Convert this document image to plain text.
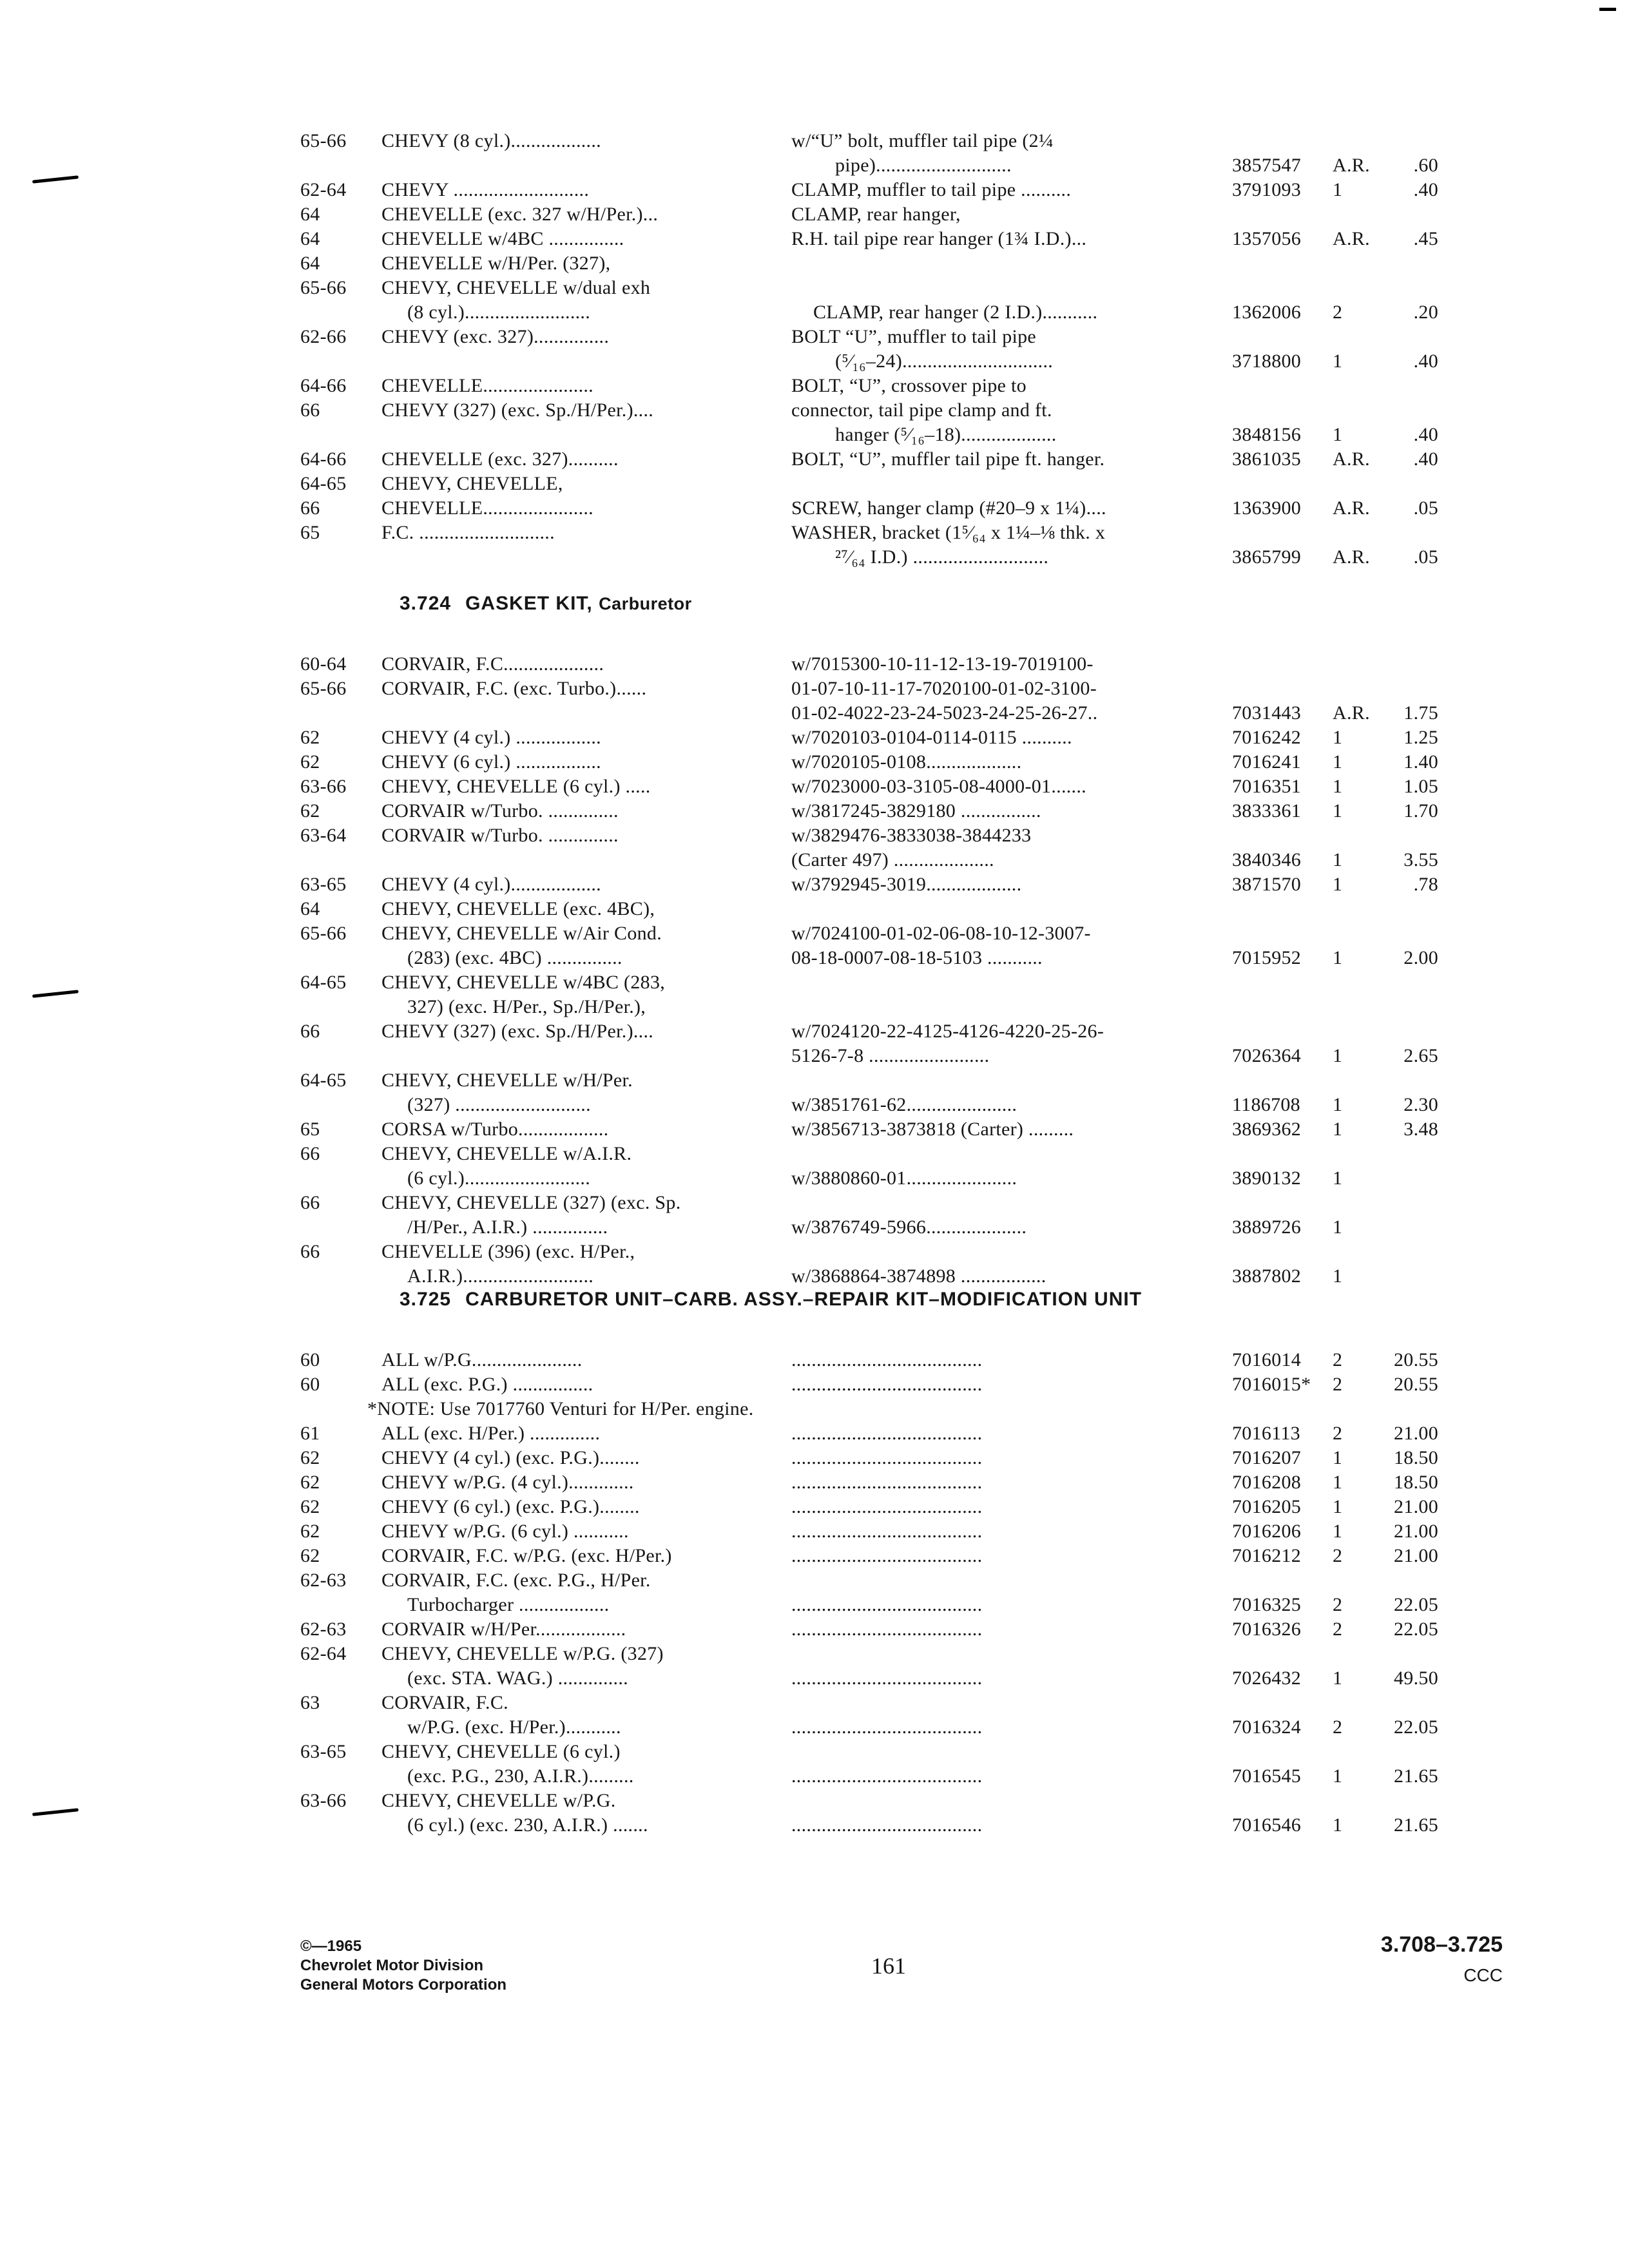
65-66 CHEVY (8 cyl.)..................	w/“U” bolt, muffler tail pipe (2¼
pipe)...........................	3857547 A.R. .60
62-64 CHEVY ...........................	CLAMP, muffler to tail pipe ..........	3791093 1	.40
64	CHEVELLE (exc. 327 w/H/Per.)...	CLAMP, rear hanger,
64	CHEVELLE w/4BC ...............	R.H. tail pipe rear hanger (1¾ I.D.)...	1357056 A.R. .45
64	CHEVELLE w/H/Per. (327),
65-66 CHEVY, CHEVELLE w/dual exh
(8 cyl.).........................	CLAMP, rear hanger (2 I.D.)...........	1362006 2	.20
62-66 CHEVY (exc. 327)...............	BOLT “U”, muffler to tail pipe
(⁵⁄₁₆–24)..............................	3718800 1	.40
64-66 CHEVELLE......................	BOLT, “U”, crossover pipe to
66	CHEVY (327) (exc. Sp./H/Per.)....	connector, tail pipe clamp and ft.
hanger (⁵⁄₁₆–18)...................	3848156 1	.40
64-66 CHEVELLE (exc. 327)..........	BOLT, “U”, muffler tail pipe ft. hanger.	3861035 A.R. .40
64-65 CHEVY, CHEVELLE,
66	CHEVELLE......................	SCREW, hanger clamp (#20–9 x 1¼)....	1363900 A.R. .05
65	F.C. ...........................	WASHER, bracket (1⁵⁄₆₄ x 1¼–⅛ thk. x
²⁷⁄₆₄ I.D.) ...........................	3865799 A.R. .05
3.724 GASKET KIT, Carburetor
60-64 CORVAIR, F.C....................	w/7015300-10-11-12-13-19-7019100-
65-66 CORVAIR, F.C. (exc. Turbo.)......	01-07-10-11-17-7020100-01-02-3100-
01-02-4022-23-24-5023-24-25-26-27..	7031443 A.R. 1.75
62	CHEVY (4 cyl.) .................	w/7020103-0104-0114-0115 ..........	7016242 1	1.25
62	CHEVY (6 cyl.) .................	w/7020105-0108...................	7016241 1	1.40
63-66 CHEVY, CHEVELLE (6 cyl.) .....	w/7023000-03-3105-08-4000-01.......	7016351 1	1.05
62	CORVAIR w/Turbo. ..............	w/3817245-3829180 ................	3833361 1	1.70
63-64 CORVAIR w/Turbo. ..............	w/3829476-3833038-3844233
(Carter 497) ....................	3840346 1	3.55
63-65 CHEVY (4 cyl.)..................	w/3792945-3019...................	3871570 1	.78
64	CHEVY, CHEVELLE (exc. 4BC),
65-66 CHEVY, CHEVELLE w/Air Cond.	w/7024100-01-02-06-08-10-12-3007-
(283) (exc. 4BC) ...............	08-18-0007-08-18-5103 ...........	7015952 1	2.00
64-65 CHEVY, CHEVELLE w/4BC (283,
327) (exc. H/Per., Sp./H/Per.),
66	CHEVY (327) (exc. Sp./H/Per.)....	w/7024120-22-4125-4126-4220-25-26-
5126-7-8 ........................	7026364 1	2.65
64-65 CHEVY, CHEVELLE w/H/Per.
(327) ...........................	w/3851761-62......................	1186708 1	2.30
65	CORSA w/Turbo..................	w/3856713-3873818 (Carter) .........	3869362 1	3.48
66	CHEVY, CHEVELLE w/A.I.R.
(6 cyl.).........................	w/3880860-01......................	3890132 1
66	CHEVY, CHEVELLE (327) (exc. Sp.
/H/Per., A.I.R.) ...............	w/3876749-5966....................	3889726 1
66	CHEVELLE (396) (exc. H/Per.,
A.I.R.)..........................	w/3868864-3874898 .................	3887802 1
3.725 CARBURETOR UNIT–CARB. ASSY.–REPAIR KIT–MODIFICATION UNIT
60	ALL w/P.G......................	......................................	7016014 2	20.55
60	ALL (exc. P.G.) ................	......................................	7016015* 2	20.55
*NOTE: Use 7017760 Venturi for H/Per. engine.
61	ALL (exc. H/Per.) ..............	......................................	7016113 2	21.00
62	CHEVY (4 cyl.) (exc. P.G.)........	......................................	7016207 1	18.50
62	CHEVY w/P.G. (4 cyl.).............	......................................	7016208 1	18.50
62	CHEVY (6 cyl.) (exc. P.G.)........	......................................	7016205 1	21.00
62	CHEVY w/P.G. (6 cyl.) ...........	......................................	7016206 1	21.00
62	CORVAIR, F.C. w/P.G. (exc. H/Per.)	......................................	7016212 2	21.00
62-63 CORVAIR, F.C. (exc. P.G., H/Per.
Turbocharger ..................	......................................	7016325 2	22.05
62-63 CORVAIR w/H/Per..................	......................................	7016326 2	22.05
62-64 CHEVY, CHEVELLE w/P.G. (327)
(exc. STA. WAG.) ..............	......................................	7026432 1	49.50
63	CORVAIR, F.C.
w/P.G. (exc. H/Per.)...........	......................................	7016324 2	22.05
63-65 CHEVY, CHEVELLE (6 cyl.)
(exc. P.G., 230, A.I.R.).........	......................................	7016545 1	21.65
63-66 CHEVY, CHEVELLE w/P.G.
(6 cyl.) (exc. 230, A.I.R.) .......	......................................	7016546 1	21.65
©—1965
Chevrolet Motor Division
General Motors Corporation
161
3.708–3.725
CCC
